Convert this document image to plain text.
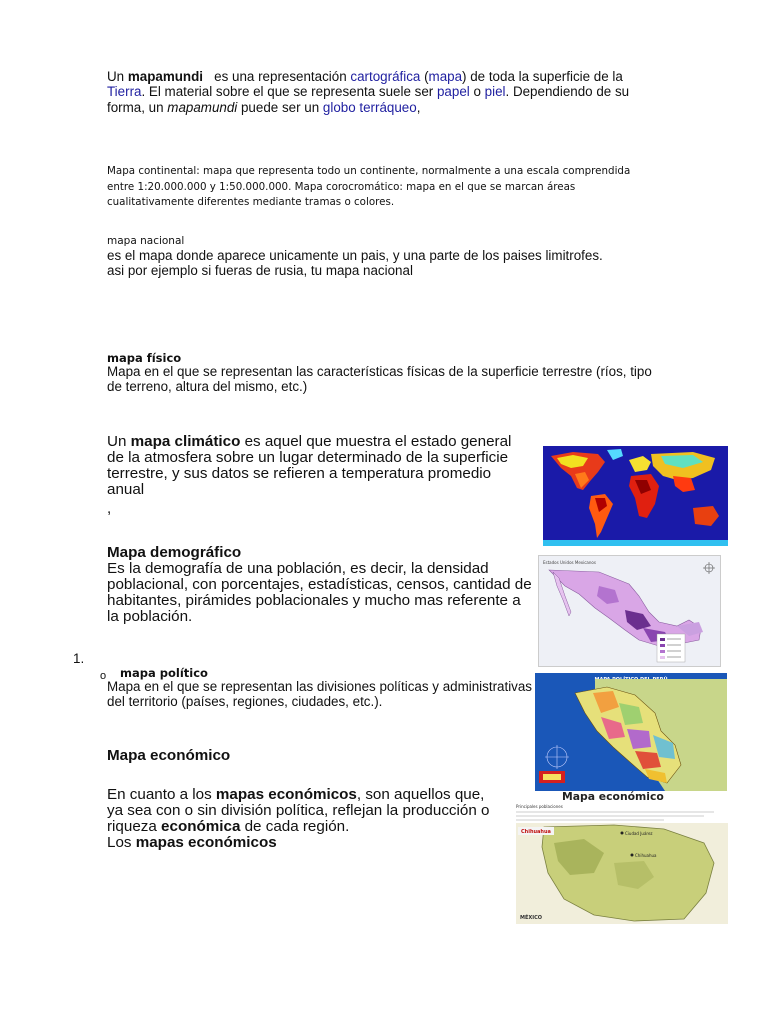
Un mapamundi   es una representación cartográfica (mapa) de toda la superficie de la Tierra. El material sobre el que se representa suele ser papel o piel. Dependiendo de su forma, un mapamundi puede ser un globo terráqueo,
Mapa continental: mapa que representa todo un continente, normalmente a una escala comprendida entre 1:20.000.000 y 1:50.000.000. Mapa corocromático: mapa en el que se marcan áreas cualitativamente diferentes mediante tramas o colores.
mapa nacional
es el mapa donde aparece unicamente un pais, y una parte de los paises limitrofes.
asi por ejemplo si fueras de rusia, tu mapa nacional
mapa físico
Mapa en el que se representan las características físicas de la superficie terrestre (ríos, tipo de terreno, altura del mismo, etc.)
Un mapa climático es aquel que muestra el estado general de la atmosfera sobre un lugar determinado de la superficie terrestre, y sus datos se refieren a temperatura promedio anual
,
Mapa demográfico
Es la demografía de una población, es decir, la densidad poblacional, con porcentajes, estadísticas, censos, cantidad de habitantes, pirámides poblacionales y mucho mas referente a la población.
1.
o mapa político
Mapa en el que se representan las divisiones políticas y administrativas del territorio (países, regiones, ciudades, etc.).
Mapa económico
En cuanto a los mapas económicos, son aquellos que, ya sea con o sin división política, reflejan la producción o riqueza económica de cada región.
Los mapas económicos
Estados Unidos Mexicanos
Mapa económico
Principales poblaciones
Chihuahua	Ciudad Juárez
Chihuahua
MÉXICO
